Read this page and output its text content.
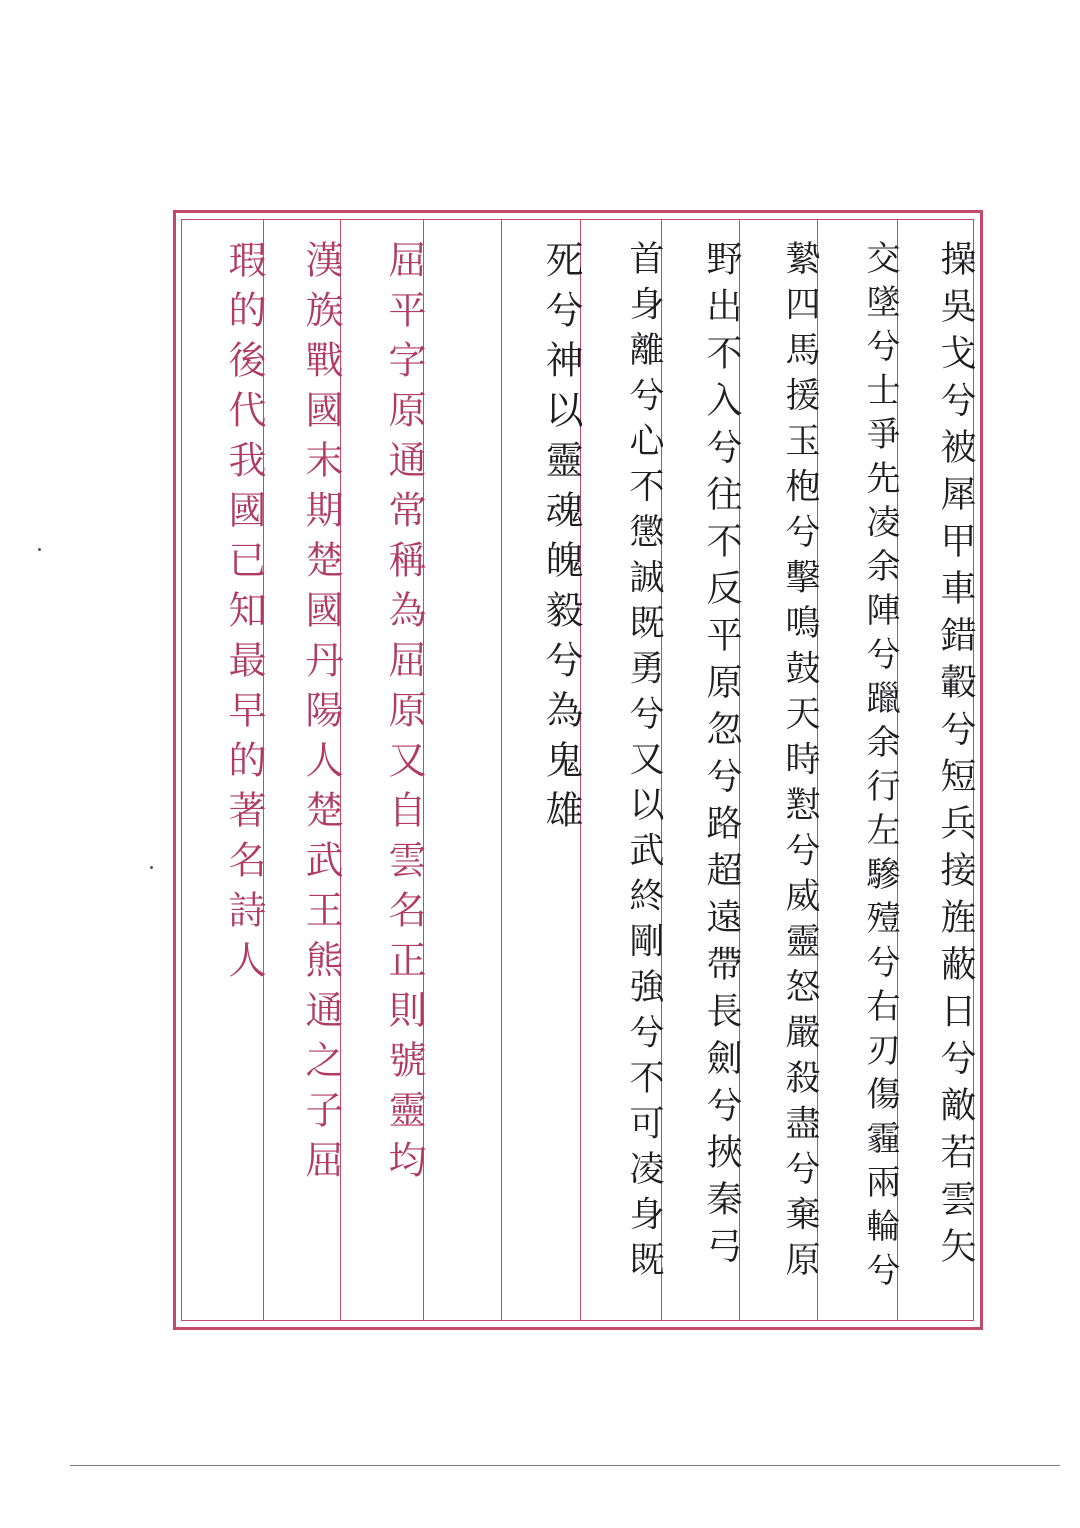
操吳戈兮被犀甲車錯轂兮短兵接旌蔽日兮敵若雲矢
交墜兮士爭先凌余陣兮躐余行左驂殪兮右刃傷霾兩輪兮
縶四馬援玉枹兮擊鳴鼓天時懟兮威靈怒嚴殺盡兮棄原
野出不入兮往不反平原忽兮路超遠帶長劍兮挾秦弓
首身離兮心不懲誠既勇兮又以武終剛強兮不可凌身既
死兮神以靈魂魄毅兮為鬼雄
屈平字原通常稱為屈原又自雲名正則號靈均
漢族戰國末期楚國丹陽人楚武王熊通之子屈
瑕的後代我國已知最早的著名詩人
